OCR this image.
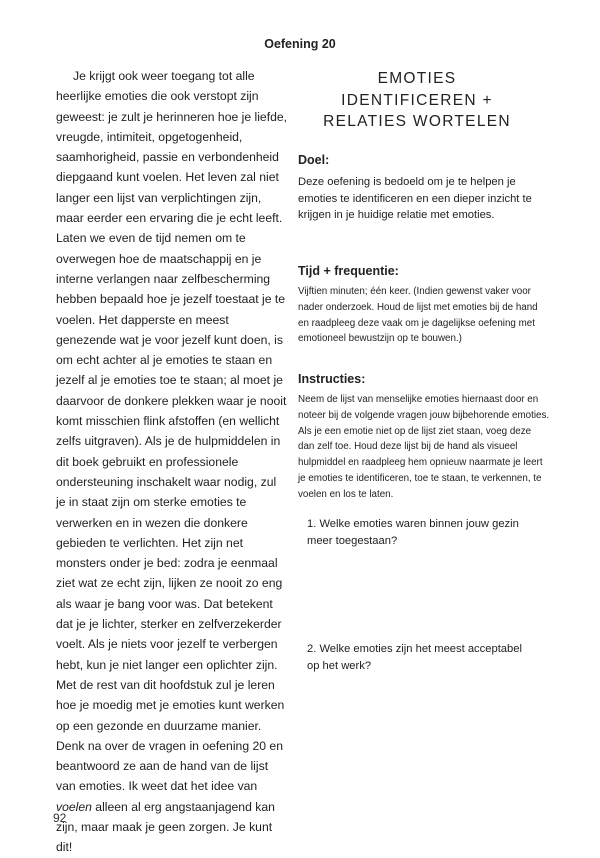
Oefening 20

Je krijgt ook weer toegang tot alle heerlijke emoties die ook verstopt zijn geweest: je zult je herinneren hoe je liefde, vreugde, intimiteit, opgetogenheid, saamhorigheid, passie en verbondenheid diepgaand kunt voelen. Het leven zal niet langer een lijst van verplichtingen zijn, maar eerder een ervaring die je echt leeft. Laten we even de tijd nemen om te overwegen hoe de maatschappij en je interne verlangen naar zelfbescherming hebben bepaald hoe je jezelf toestaat je te voelen. Het dapperste en meest genezende wat je voor jezelf kunt doen, is om echt achter al je emoties te staan en jezelf al je emoties toe te staan; al moet je daarvoor de donkere plekken waar je nooit komt misschien flink afstoffen (en wellicht zelfs uitgraven). Als je de hulpmiddelen in dit boek gebruikt en professionele ondersteuning inschakelt waar nodig, zul je in staat zijn om sterke emoties te verwerken en in wezen die donkere gebieden te verlichten. Het zijn net monsters onder je bed: zodra je eenmaal ziet wat ze echt zijn, lijken ze nooit zo eng als waar je bang voor was. Dat betekent dat je je lichter, sterker en zelfverzekerder voelt. Als je niets voor jezelf te verbergen hebt, kun je niet langer een oplichter zijn. Met de rest van dit hoofdstuk zul je leren hoe je moedig met je emoties kunt werken op een gezonde en duurzame manier. Denk na over de vragen in oefening 20 en beantwoord ze aan de hand van de lijst van emoties. Ik weet dat het idee van voelen alleen al erg angstaanjagend kan zijn, maar maak je geen zorgen. Je kunt dit!

EMOTIES
IDENTIFICEREN +
RELATIES WORTELEN
Doel:

Deze oefening is bedoeld om je te helpen je emoties te identificeren en een dieper inzicht te krijgen in je huidige relatie met emoties.

Tijd + frequentie:

Vijftien minuten; één keer. (Indien gewenst vaker voor nader onderzoek. Houd de lijst met emoties bij de hand en raadpleeg deze vaak om je dagelijkse oefening met emotioneel bewustzijn op te bouwen.)

Instructies:

Neem de lijst van menselijke emoties hiernaast door en noteer bij de volgende vragen jouw bijbehorende emoties. Als je een emotie niet op de lijst ziet staan, voeg deze dan zelf toe. Houd deze lijst bij de hand als visueel hulpmiddel en raadpleeg hem opnieuw naarmate je leert je emoties te identificeren, toe te staan, te verkennen, te voelen en los te laten.

1. Welke emoties waren binnen jouw gezin meer toegestaan?

2. Welke emoties zijn het meest acceptabel op het werk?

92
